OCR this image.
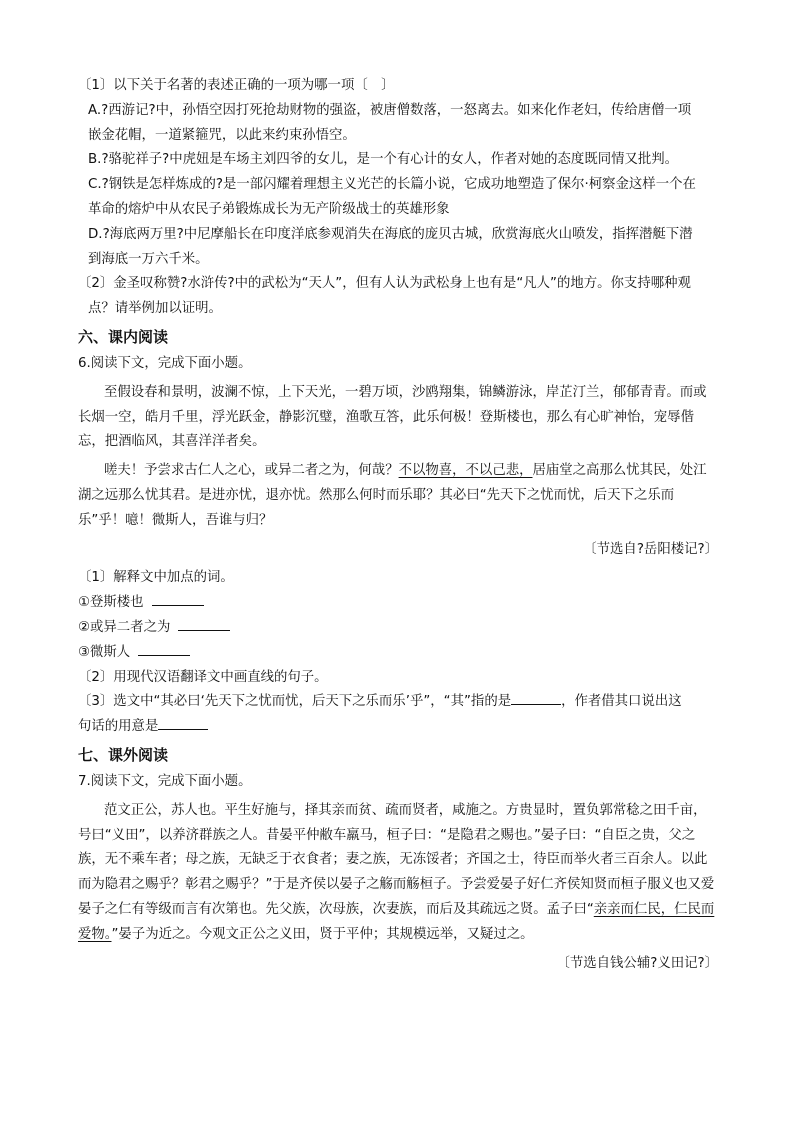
〔1〕以下关于名著的表述正确的一项为哪一项〔　〕

A.?西游记?中，孙悟空因打死抢劫财物的强盗，被唐僧数落，一怒离去。如来化作老妇，传给唐僧一项

嵌金花帽，一道紧箍咒，以此来约束孙悟空。

B.?骆驼祥子?中虎妞是车场主刘四爷的女儿，是一个有心计的女人，作者对她的态度既同情又批判。

C.?钢铁是怎样炼成的?是一部闪耀着理想主义光芒的长篇小说，它成功地塑造了保尔·柯察金这样一个在

革命的熔炉中从农民子弟锻炼成长为无产阶级战士的英雄形象

D.?海底两万里?中尼摩船长在印度洋底参观消失在海底的庞贝古城，欣赏海底火山喷发，指挥潜艇下潜

到海底一万六千米。

〔2〕金圣叹称赞?水浒传?中的武松为“天人”，但有人认为武松身上也有是“凡人”的地方。你支持哪种观

点？请举例加以证明。

六、课内阅读

6.阅读下文，完成下面小题。

至假设春和景明，波澜不惊，上下天光，一碧万顷，沙鸥翔集，锦鳞游泳，岸芷汀兰，郁郁青青。而或长烟一空，皓月千里，浮光跃金，静影沉璧，渔歌互答，此乐何极！登斯楼也，那么有心旷神怡，宠辱偕忘，把酒临风，其喜洋洋者矣。

嗟夫！予尝求古仁人之心，或异二者之为，何哉？不以物喜，不以己悲，居庙堂之高那么忧其民，处江湖之远那么忧其君。是进亦忧，退亦忧。然那么何时而乐耶？其必曰“先天下之忧而忧，后天下之乐而乐”乎！噫！微斯人，吾谁与归？

〔节选自?岳阳楼记?〕

〔1〕解释文中加点的词。

①登斯楼也

②或异二者之为

③微斯人

〔2〕用现代汉语翻译文中画直线的句子。

〔3〕选文中“其必曰‘先天下之忧而忧，后天下之乐而乐’乎”，“其”指的是	，作者借其口说出这

句话的用意是

七、课外阅读

7.阅读下文，完成下面小题。

范文正公，苏人也。平生好施与，择其亲而贫、疏而贤者，咸施之。方贵显时，置负郭常稔之田千亩，号曰“义田”，以养济群族之人。昔晏平仲敝车羸马，桓子曰：“是隐君之赐也。”晏子曰：“自臣之贵，父之族，无不乘车者；母之族，无缺乏于衣食者；妻之族，无冻馁者；齐国之士，待臣而举火者三百余人。以此而为隐君之赐乎？彰君之赐乎？”于是齐侯以晏子之觞而觞桓子。予尝爱晏子好仁齐侯知贤而桓子服义也又爱晏子之仁有等级而言有次第也。先父族，次母族，次妻族，而后及其疏远之贤。孟子曰“亲亲而仁民，仁民而爱物。”晏子为近之。今观文正公之义田，贤于平仲；其规模远举，又疑过之。

〔节选自钱公辅?义田记?〕
